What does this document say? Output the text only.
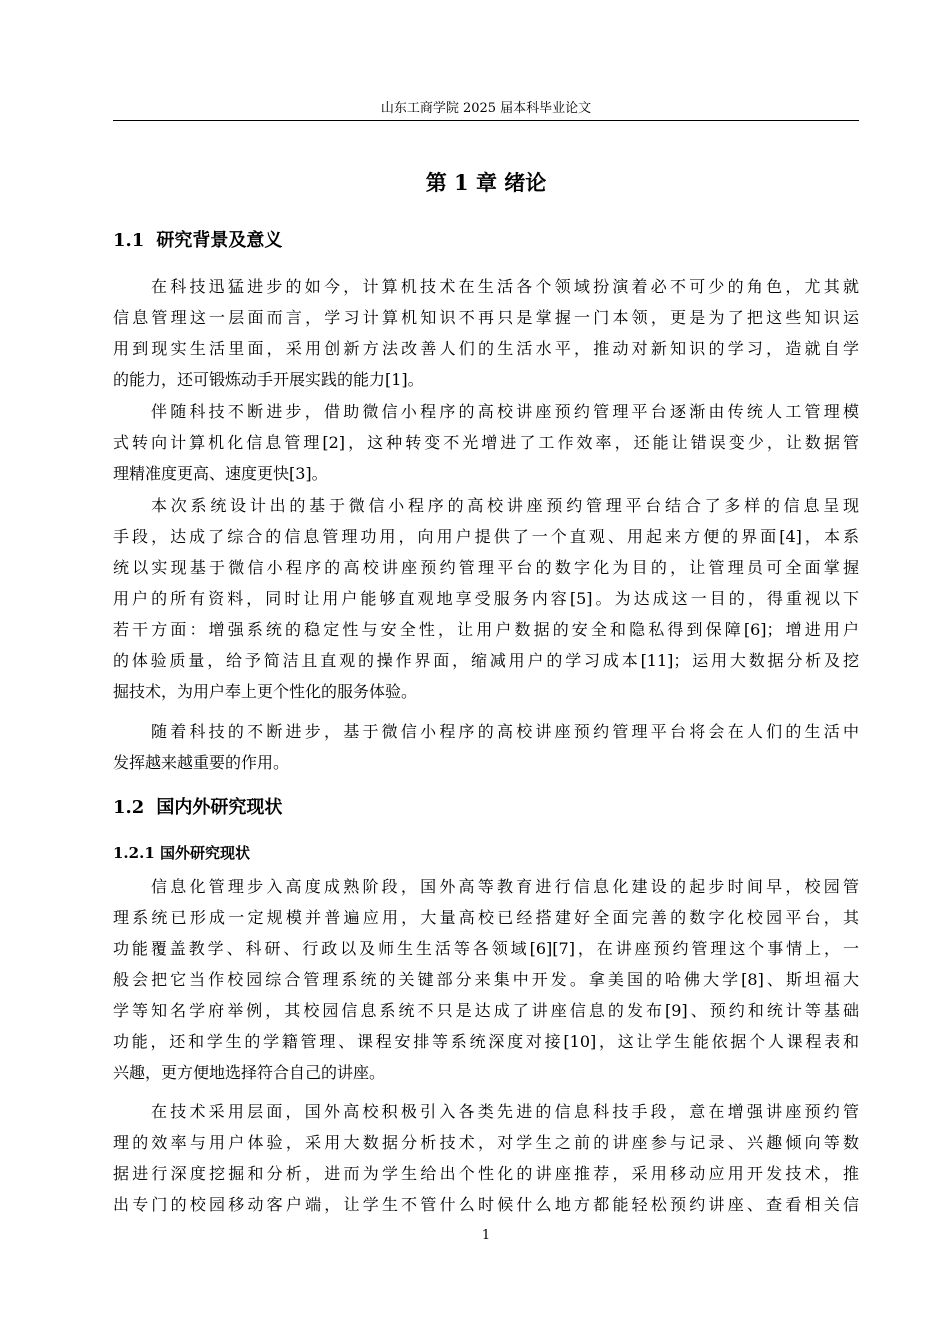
山东工商学院 2025 届本科毕业论文
第 1 章 绪论
1.1 研究背景及意义
在科技迅猛进步的如今，计算机技术在生活各个领域扮演着必不可少的角色，尤其就
信息管理这一层面而言，学习计算机知识不再只是掌握一门本领，更是为了把这些知识运
用到现实生活里面，采用创新方法改善人们的生活水平，推动对新知识的学习，造就自学
的能力，还可锻炼动手开展实践的能力[1]。
伴随科技不断进步，借助微信小程序的高校讲座预约管理平台逐渐由传统人工管理模
式转向计算机化信息管理[2]，这种转变不光增进了工作效率，还能让错误变少，让数据管
理精准度更高、速度更快[3]。
本次系统设计出的基于微信小程序的高校讲座预约管理平台结合了多样的信息呈现
手段，达成了综合的信息管理功用，向用户提供了一个直观、用起来方便的界面[4]，本系
统以实现基于微信小程序的高校讲座预约管理平台的数字化为目的，让管理员可全面掌握
用户的所有资料，同时让用户能够直观地享受服务内容[5]。为达成这一目的，得重视以下
若干方面：增强系统的稳定性与安全性，让用户数据的安全和隐私得到保障[6]；增进用户
的体验质量，给予简洁且直观的操作界面，缩减用户的学习成本[11]；运用大数据分析及挖
掘技术，为用户奉上更个性化的服务体验。
随着科技的不断进步，基于微信小程序的高校讲座预约管理平台将会在人们的生活中
发挥越来越重要的作用。
1.2 国内外研究现状
1.2.1 国外研究现状
信息化管理步入高度成熟阶段，国外高等教育进行信息化建设的起步时间早，校园管
理系统已形成一定规模并普遍应用，大量高校已经搭建好全面完善的数字化校园平台，其
功能覆盖教学、科研、行政以及师生生活等各领域[6][7]，在讲座预约管理这个事情上，一
般会把它当作校园综合管理系统的关键部分来集中开发。拿美国的哈佛大学[8]、斯坦福大
学等知名学府举例，其校园信息系统不只是达成了讲座信息的发布[9]、预约和统计等基础
功能，还和学生的学籍管理、课程安排等系统深度对接[10]，这让学生能依据个人课程表和
兴趣，更方便地选择符合自己的讲座。
在技术采用层面，国外高校积极引入各类先进的信息科技手段，意在增强讲座预约管
理的效率与用户体验，采用大数据分析技术，对学生之前的讲座参与记录、兴趣倾向等数
据进行深度挖掘和分析，进而为学生给出个性化的讲座推荐，采用移动应用开发技术，推
出专门的校园移动客户端，让学生不管什么时候什么地方都能轻松预约讲座、查看相关信
1
